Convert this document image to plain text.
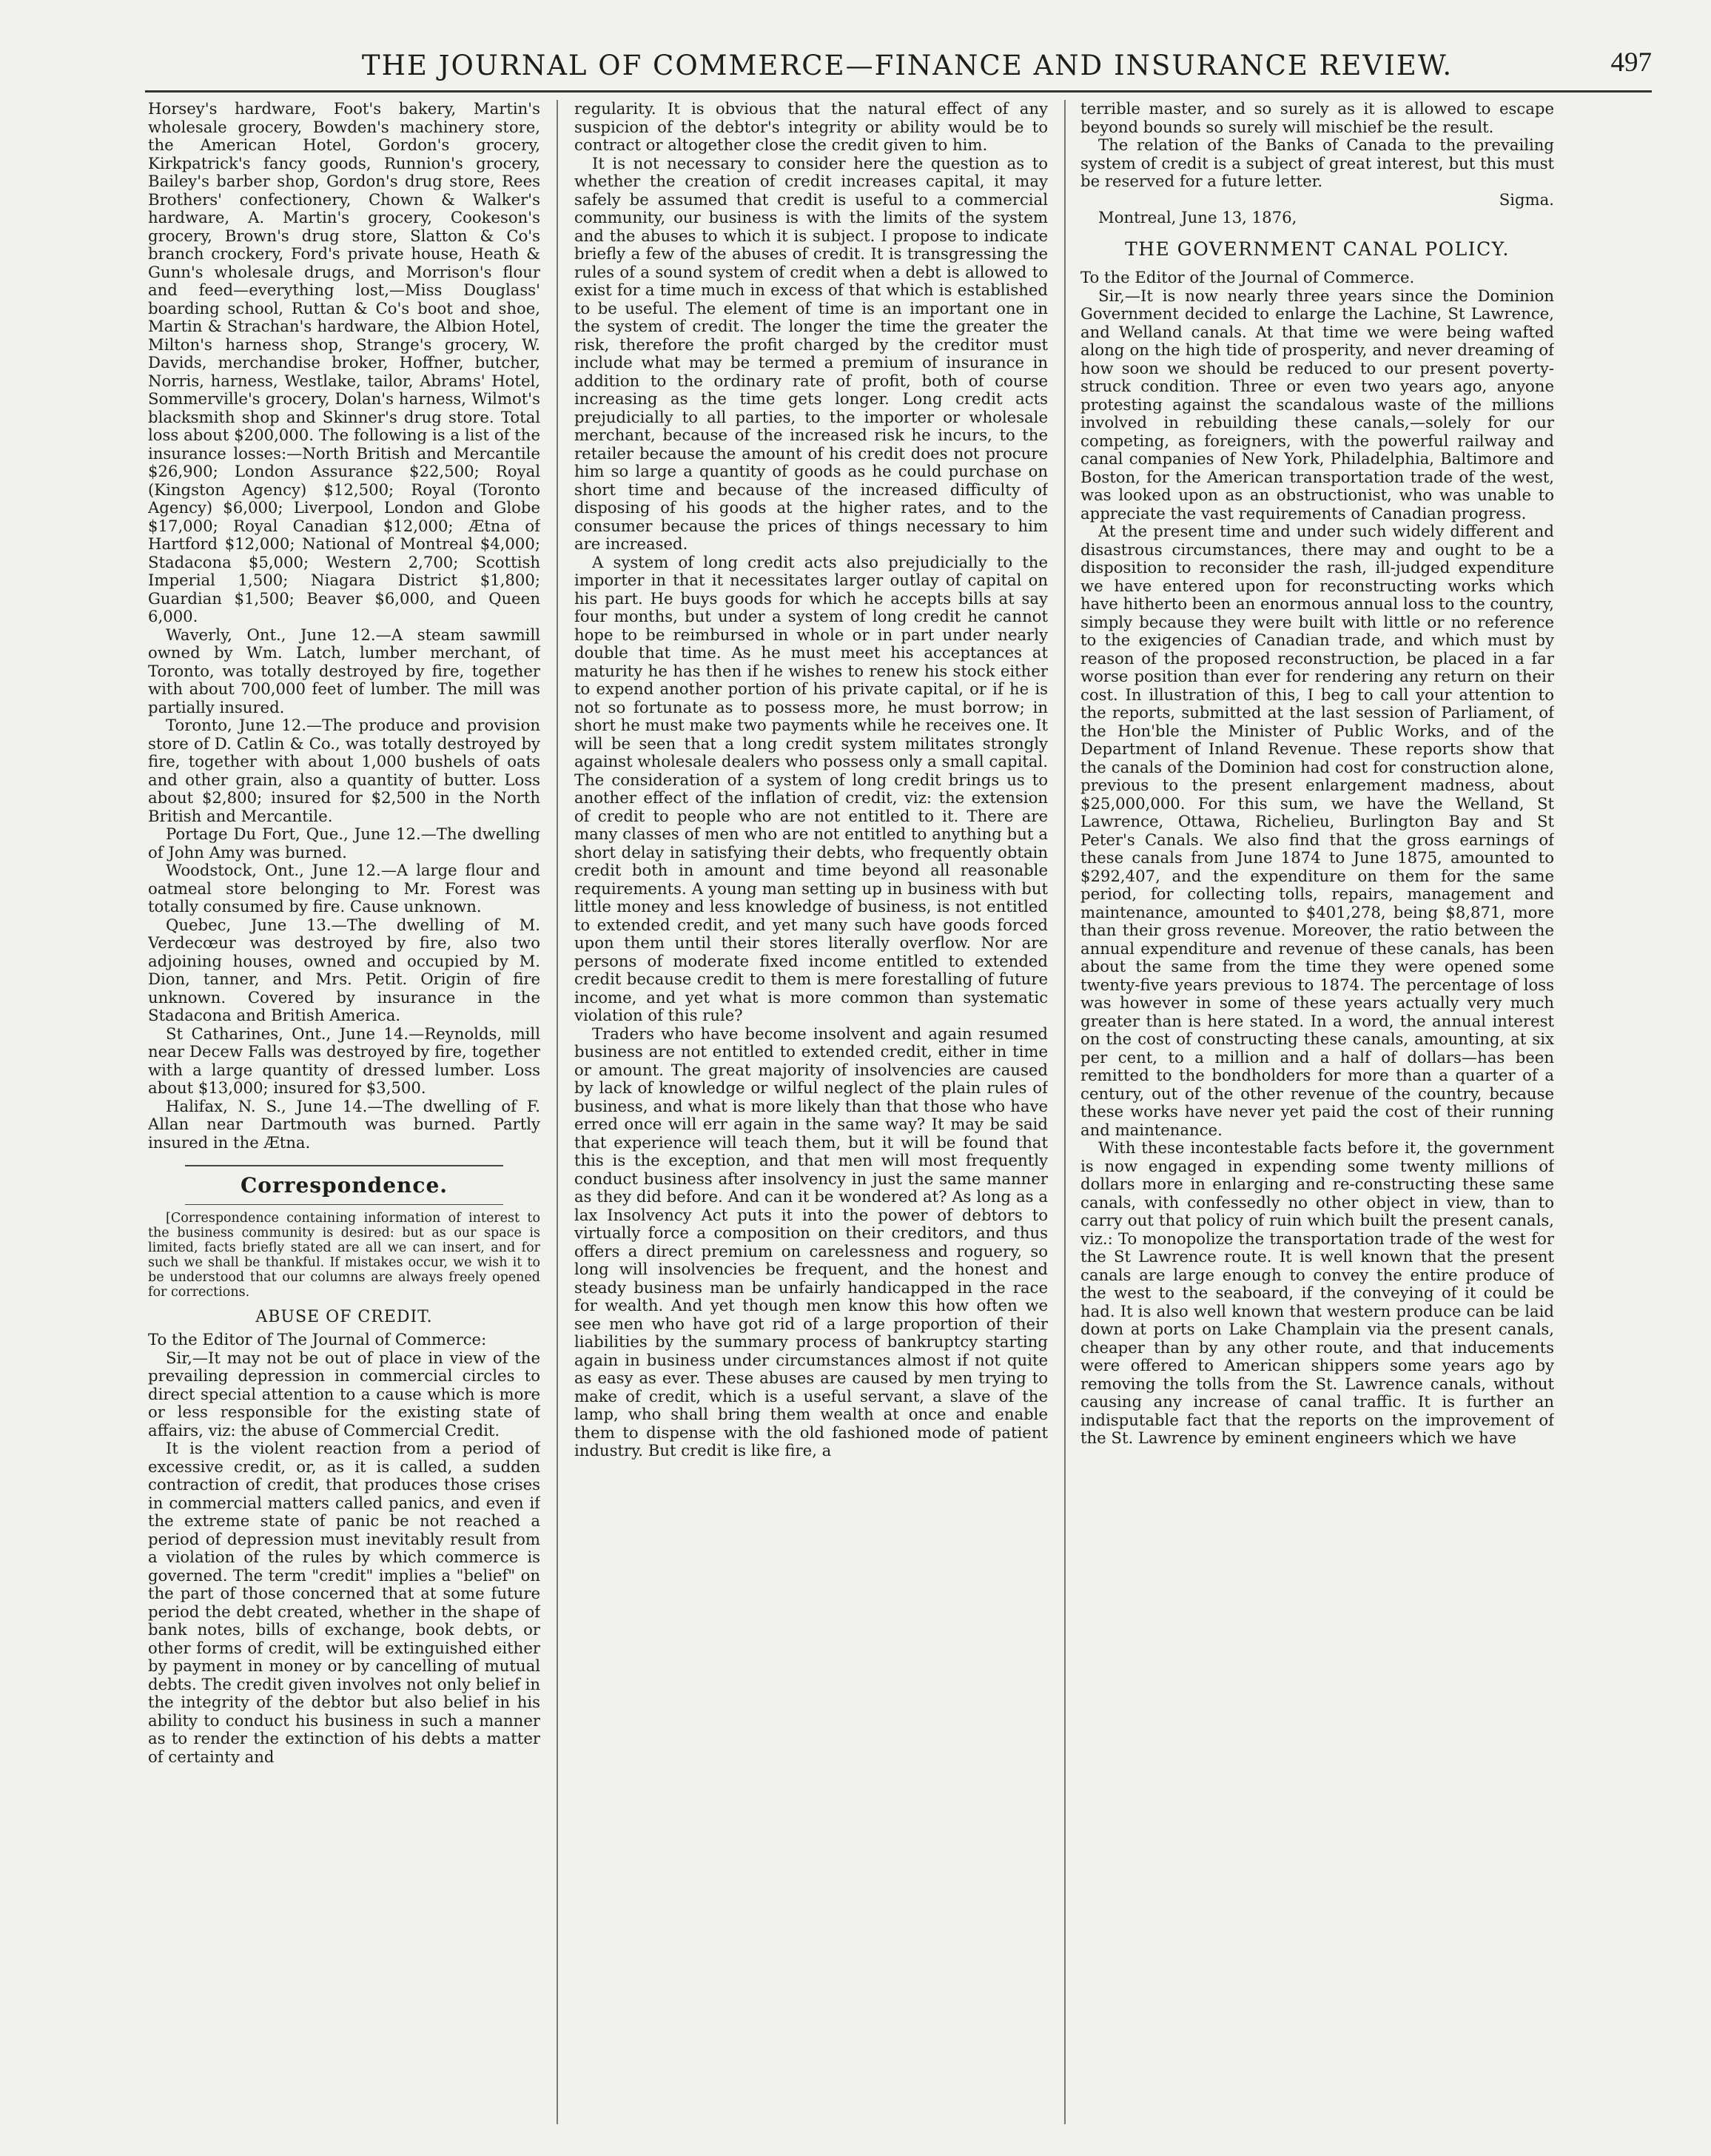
THE JOURNAL OF COMMERCE—FINANCE AND INSURANCE REVIEW.	497

Horsey's hardware, Foot's bakery, Martin's wholesale grocery, Bowden's machinery store, the American Hotel, Gordon's grocery, Kirkpatrick's fancy goods, Runnion's grocery, Bailey's barber shop, Gordon's drug store, Rees Brothers' confectionery, Chown & Walker's hardware, A. Martin's grocery, Cookeson's grocery, Brown's drug store, Slatton & Co's branch crockery, Ford's private house, Heath & Gunn's wholesale drugs, and Morrison's flour and feed—everything lost,—Miss Douglass' boarding school, Ruttan & Co's boot and shoe, Martin & Strachan's hardware, the Albion Hotel, Milton's harness shop, Strange's grocery, W. Davids, merchandise broker, Hoffner, butcher, Norris, harness, Westlake, tailor, Abrams' Hotel, Sommerville's grocery, Dolan's harness, Wilmot's blacksmith shop and Skinner's drug store. Total loss about $200,000. The following is a list of the insurance losses:—North British and Mercantile $26,900; London Assurance $22,500; Royal (Kingston Agency) $12,500; Royal (Toronto Agency) $6,000; Liverpool, London and Globe $17,000; Royal Canadian $12,000; Ætna of Hartford $12,000; National of Montreal $4,000; Stadacona $5,000; Western 2,700; Scottish Imperial 1,500; Niagara District $1,800; Guardian $1,500; Beaver $6,000, and Queen 6,000.

Waverly, Ont., June 12.—A steam sawmill owned by Wm. Latch, lumber merchant, of Toronto, was totally destroyed by fire, together with about 700,000 feet of lumber. The mill was partially insured.

Toronto, June 12.—The produce and provision store of D. Catlin & Co., was totally destroyed by fire, together with about 1,000 bushels of oats and other grain, also a quantity of butter. Loss about $2,800; insured for $2,500 in the North British and Mercantile.

Portage Du Fort, Que., June 12.—The dwelling of John Amy was burned.

Woodstock, Ont., June 12.—A large flour and oatmeal store belonging to Mr. Forest was totally consumed by fire. Cause unknown.

Quebec, June 13.—The dwelling of M. Verdecœur was destroyed by fire, also two adjoining houses, owned and occupied by M. Dion, tanner, and Mrs. Petit. Origin of fire unknown. Covered by insurance in the Stadacona and British America.

St Catharines, Ont., June 14.—Reynolds, mill near Decew Falls was destroyed by fire, together with a large quantity of dressed lumber. Loss about $13,000; insured for $3,500.

Halifax, N. S., June 14.—The dwelling of F. Allan near Dartmouth was burned. Partly insured in the Ætna.

Correspondence.

[Correspondence containing information of interest to the business community is desired: but as our space is limited, facts briefly stated are all we can insert, and for such we shall be thankful. If mistakes occur, we wish it to be understood that our columns are always freely opened for corrections.

ABUSE OF CREDIT.

To the Editor of The Journal of Commerce:

Sir,—It may not be out of place in view of the prevailing depression in commercial circles to direct special attention to a cause which is more or less responsible for the existing state of affairs, viz: the abuse of Commercial Credit.

It is the violent reaction from a period of excessive credit, or, as it is called, a sudden contraction of credit, that produces those crises in commercial matters called panics, and even if the extreme state of panic be not reached a period of depression must inevitably result from a violation of the rules by which commerce is governed. The term "credit" implies a "belief" on the part of those concerned that at some future period the debt created, whether in the shape of bank notes, bills of exchange, book debts, or other forms of credit, will be extinguished either by payment in money or by cancelling of mutual debts. The credit given involves not only belief in the integrity of the debtor but also belief in his ability to conduct his business in such a manner as to render the extinction of his debts a matter of certainty and

regularity. It is obvious that the natural effect of any suspicion of the debtor's integrity or ability would be to contract or altogether close the credit given to him.

It is not necessary to consider here the question as to whether the creation of credit increases capital, it may safely be assumed that credit is useful to a commercial community, our business is with the limits of the system and the abuses to which it is subject. I propose to indicate briefly a few of the abuses of credit. It is transgressing the rules of a sound system of credit when a debt is allowed to exist for a time much in excess of that which is established to be useful. The element of time is an important one in the system of credit. The longer the time the greater the risk, therefore the profit charged by the creditor must include what may be termed a premium of insurance in addition to the ordinary rate of profit, both of course increasing as the time gets longer. Long credit acts prejudicially to all parties, to the importer or wholesale merchant, because of the increased risk he incurs, to the retailer because the amount of his credit does not procure him so large a quantity of goods as he could purchase on short time and because of the increased difficulty of disposing of his goods at the higher rates, and to the consumer because the prices of things necessary to him are increased.

A system of long credit acts also prejudicially to the importer in that it necessitates larger outlay of capital on his part. He buys goods for which he accepts bills at say four months, but under a system of long credit he cannot hope to be reimbursed in whole or in part under nearly double that time. As he must meet his acceptances at maturity he has then if he wishes to renew his stock either to expend another portion of his private capital, or if he is not so fortunate as to possess more, he must borrow; in short he must make two payments while he receives one. It will be seen that a long credit system militates strongly against wholesale dealers who possess only a small capital. The consideration of a system of long credit brings us to another effect of the inflation of credit, viz: the extension of credit to people who are not entitled to it. There are many classes of men who are not entitled to anything but a short delay in satisfying their debts, who frequently obtain credit both in amount and time beyond all reasonable requirements. A young man setting up in business with but little money and less knowledge of business, is not entitled to extended credit, and yet many such have goods forced upon them until their stores literally overflow. Nor are persons of moderate fixed income entitled to extended credit because credit to them is mere forestalling of future income, and yet what is more common than systematic violation of this rule?

Traders who have become insolvent and again resumed business are not entitled to extended credit, either in time or amount. The great majority of insolvencies are caused by lack of knowledge or wilful neglect of the plain rules of business, and what is more likely than that those who have erred once will err again in the same way? It may be said that experience will teach them, but it will be found that this is the exception, and that men will most frequently conduct business after insolvency in just the same manner as they did before. And can it be wondered at? As long as a lax Insolvency Act puts it into the power of debtors to virtually force a composition on their creditors, and thus offers a direct premium on carelessness and roguery, so long will insolvencies be frequent, and the honest and steady business man be unfairly handicapped in the race for wealth. And yet though men know this how often we see men who have got rid of a large proportion of their liabilities by the summary process of bankruptcy starting again in business under circumstances almost if not quite as easy as ever. These abuses are caused by men trying to make of credit, which is a useful servant, a slave of the lamp, who shall bring them wealth at once and enable them to dispense with the old fashioned mode of patient industry. But credit is like fire, a

terrible master, and so surely as it is allowed to escape beyond bounds so surely will mischief be the result.

The relation of the Banks of Canada to the prevailing system of credit is a subject of great interest, but this must be reserved for a future letter.

Sigma.

Montreal, June 13, 1876,

THE GOVERNMENT CANAL POLICY.

To the Editor of the Journal of Commerce.

Sir,—It is now nearly three years since the Dominion Government decided to enlarge the Lachine, St Lawrence, and Welland canals. At that time we were being wafted along on the high tide of prosperity, and never dreaming of how soon we should be reduced to our present poverty-struck condition. Three or even two years ago, anyone protesting against the scandalous waste of the millions involved in rebuilding these canals,—solely for our competing, as foreigners, with the powerful railway and canal companies of New York, Philadelphia, Baltimore and Boston, for the American transportation trade of the west, was looked upon as an obstructionist, who was unable to appreciate the vast requirements of Canadian progress.

At the present time and under such widely different and disastrous circumstances, there may and ought to be a disposition to reconsider the rash, ill-judged expenditure we have entered upon for reconstructing works which have hitherto been an enormous annual loss to the country, simply because they were built with little or no reference to the exigencies of Canadian trade, and which must by reason of the proposed reconstruction, be placed in a far worse position than ever for rendering any return on their cost. In illustration of this, I beg to call your attention to the reports, submitted at the last session of Parliament, of the Hon'ble the Minister of Public Works, and of the Department of Inland Revenue. These reports show that the canals of the Dominion had cost for construction alone, previous to the present enlargement madness, about $25,000,000. For this sum, we have the Welland, St Lawrence, Ottawa, Richelieu, Burlington Bay and St Peter's Canals. We also find that the gross earnings of these canals from June 1874 to June 1875, amounted to $292,407, and the expenditure on them for the same period, for collecting tolls, repairs, management and maintenance, amounted to $401,278, being $8,871, more than their gross revenue. Moreover, the ratio between the annual expenditure and revenue of these canals, has been about the same from the time they were opened some twenty-five years previous to 1874. The percentage of loss was however in some of these years actually very much greater than is here stated. In a word, the annual interest on the cost of constructing these canals, amounting, at six per cent, to a million and a half of dollars—has been remitted to the bondholders for more than a quarter of a century, out of the other revenue of the country, because these works have never yet paid the cost of their running and maintenance.

With these incontestable facts before it, the government is now engaged in expending some twenty millions of dollars more in enlarging and re-constructing these same canals, with confessedly no other object in view, than to carry out that policy of ruin which built the present canals, viz.: To monopolize the transportation trade of the west for the St Lawrence route. It is well known that the present canals are large enough to convey the entire produce of the west to the seaboard, if the conveying of it could be had. It is also well known that western produce can be laid down at ports on Lake Champlain via the present canals, cheaper than by any other route, and that inducements were offered to American shippers some years ago by removing the tolls from the St. Lawrence canals, without causing any increase of canal traffic. It is further an indisputable fact that the reports on the improvement of the St. Lawrence by eminent engineers which we have
